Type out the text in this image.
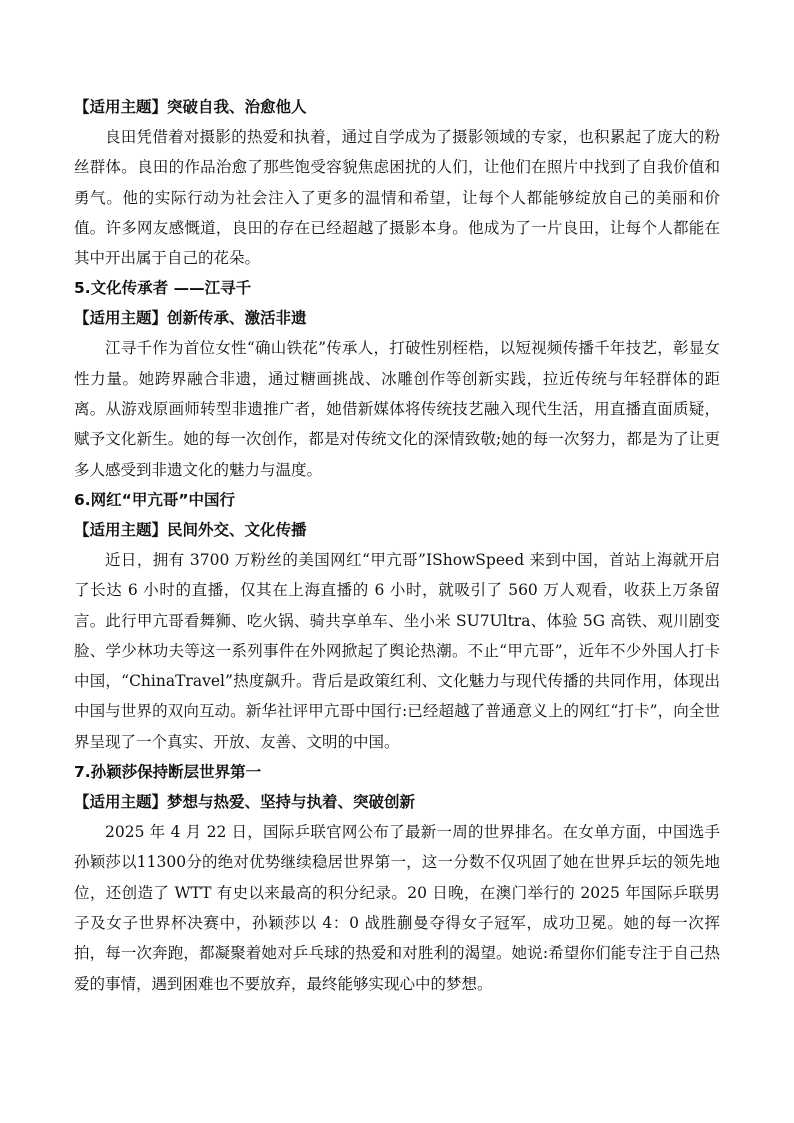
【适用主题】突破自我、治愈他人
良田凭借着对摄影的热爱和执着，通过自学成为了摄影领域的专家，也积累起了庞大的粉丝群体。良田的作品治愈了那些饱受容貌焦虑困扰的人们，让他们在照片中找到了自我价值和勇气。他的实际行动为社会注入了更多的温情和希望，让每个人都能够绽放自己的美丽和价值。许多网友感慨道，良田的存在已经超越了摄影本身。他成为了一片良田，让每个人都能在其中开出属于自己的花朵。
5.文化传承者 ——江寻千
【适用主题】创新传承、激活非遗
江寻千作为首位女性“确山铁花”传承人，打破性别桎梏，以短视频传播千年技艺，彰显女性力量。她跨界融合非遗，通过糖画挑战、冰雕创作等创新实践，拉近传统与年轻群体的距离。从游戏原画师转型非遗推广者，她借新媒体将传统技艺融入现代生活，用直播直面质疑，赋予文化新生。她的每一次创作，都是对传统文化的深情致敬;她的每一次努力，都是为了让更多人感受到非遗文化的魅力与温度。
6.网红“甲亢哥”中国行
【适用主题】民间外交、文化传播
近日，拥有 3700 万粉丝的美国网红“甲亢哥”IShowSpeed 来到中国，首站上海就开启了长达 6 小时的直播，仅其在上海直播的 6 小时，就吸引了 560 万人观看，收获上万条留言。此行甲亢哥看舞狮、吃火锅、骑共享单车、坐小米 SU7Ultra、体验 5G 高铁、观川剧变脸、学少林功夫等这一系列事件在外网掀起了舆论热潮。不止“甲亢哥”，近年不少外国人打卡中国，“ChinaTravel”热度飙升。背后是政策红利、文化魅力与现代传播的共同作用，体现出中国与世界的双向互动。新华社评甲亢哥中国行:已经超越了普通意义上的网红“打卡”，向全世界呈现了一个真实、开放、友善、文明的中国。
7.孙颖莎保持断层世界第一
【适用主题】梦想与热爱、坚持与执着、突破创新
2025 年 4 月 22 日，国际乒联官网公布了最新一周的世界排名。在女单方面，中国选手孙颖莎以11300分的绝对优势继续稳居世界第一，这一分数不仅巩固了她在世界乒坛的领先地位，还创造了 WTT 有史以来最高的积分纪录。20 日晚，在澳门举行的 2025 年国际乒联男子及女子世界杯决赛中，孙颖莎以 4：0 战胜蒯曼夺得女子冠军，成功卫冕。她的每一次挥拍，每一次奔跑，都凝聚着她对乒乓球的热爱和对胜利的渴望。她说:希望你们能专注于自己热爱的事情，遇到困难也不要放弃，最终能够实现心中的梦想。
